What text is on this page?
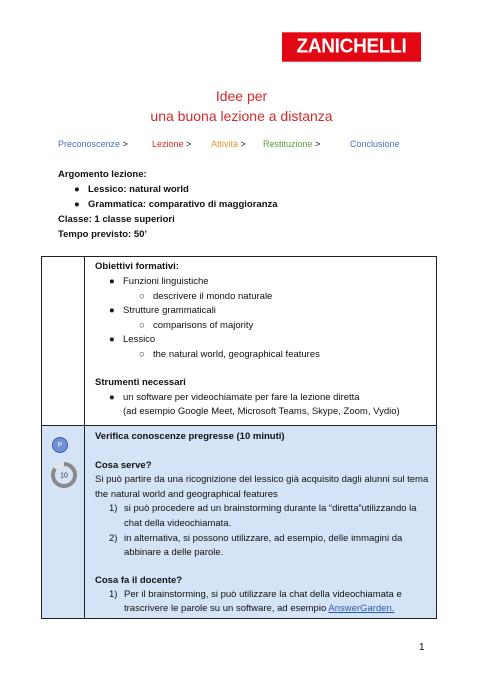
ZANICHELLI
Idee per
una buona lezione a distanza
Preconoscenze >	Lezione > Attività > Restituzione >	Conclusione
Argomento lezione:
● Lessico: natural world
● Grammatica: comparativo di maggioranza
Classe: 1 classe superiori
Tempo previsto: 50’
Obiettivi formativi:
● Funzioni linguistiche
○ descrivere il mondo naturale
● Strutture grammaticali
○ comparisons of majority
● Lessico
○ the natural world, geographical features
Strumenti necessari
● un software per videochiamate per fare la lezione diretta
(ad esempio Google Meet, Microsoft Teams, Skype, Zoom, Vydio)
P
10
Verifica conoscenze pregresse (10 minuti)
Cosa serve?
Si può partire da una ricognizione del lessico già acquisito dagli alunni sul tema
the natural world and geographical features
1) si può procedere ad un brainstorming durante la “diretta”utilizzando la
chat della videochiamata.
2) in alternativa, si possono utilizzare, ad esempio, delle immagini da
abbinare a delle parole.
Cosa fa il docente?
1) Per il brainstorming, si può utilizzare la chat della videochiamata e
trascrivere le parole su un software, ad esempio AnswerGarden.
1
